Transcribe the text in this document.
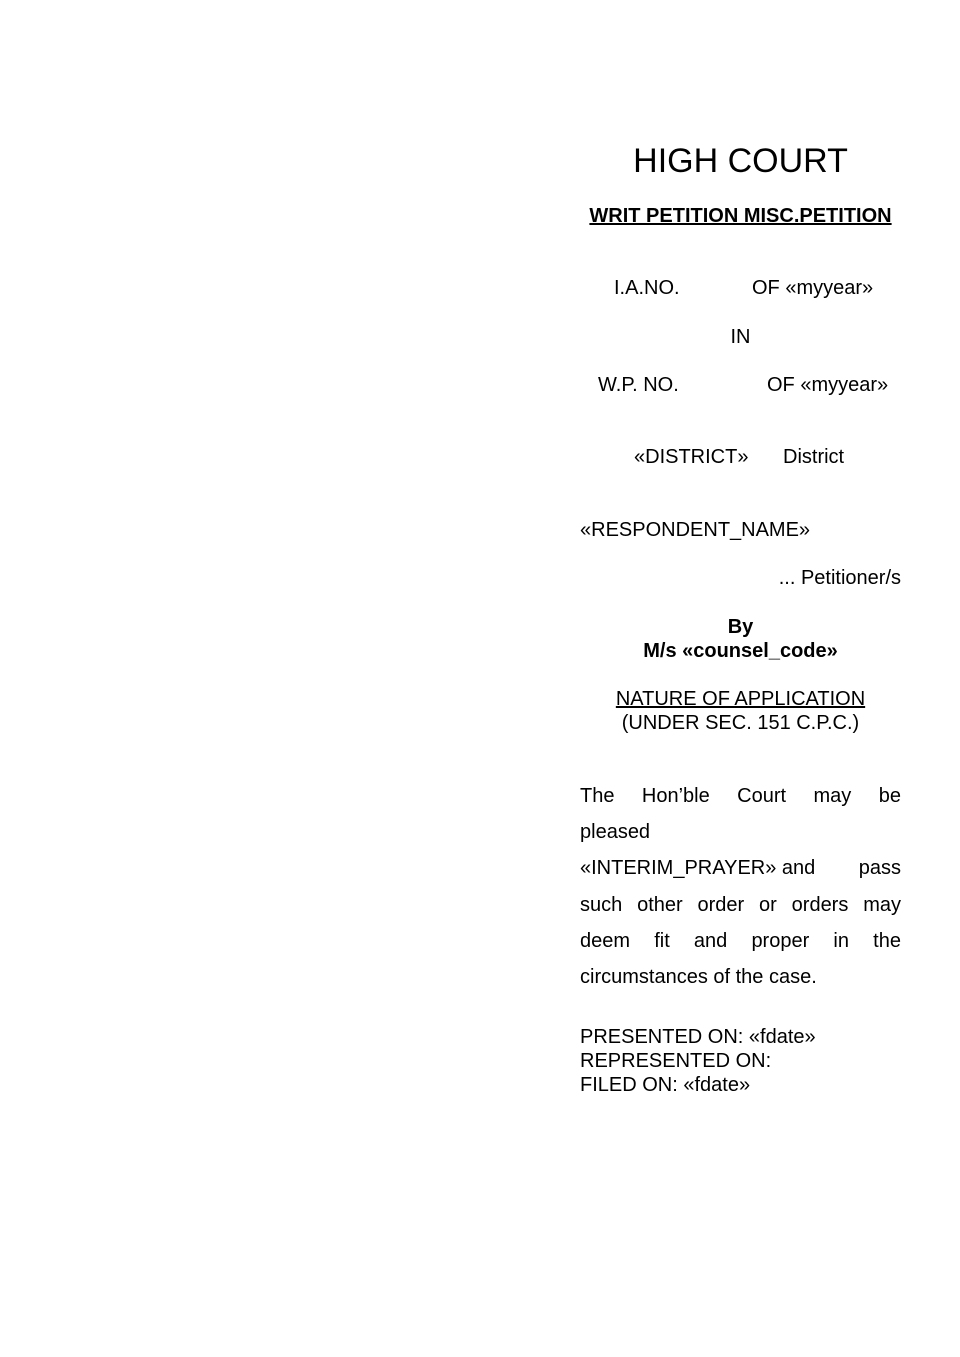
HIGH COURT
WRIT PETITION MISC.PETITION
I.A.NO.	OF «myyear»
IN
W.P. NO.	OF «myyear»
«DISTRICT» District
«RESPONDENT_NAME»
... Petitioner/s
By
M/s «counsel_code»
NATURE OF APPLICATION
(UNDER SEC. 151 C.P.C.)
The Hon’ble Court may be
pleased
«INTERIM_PRAYER» and pass
such other order or orders may
deem fit and proper in the
circumstances of the case.
PRESENTED ON: «fdate»
REPRESENTED ON:
FILED ON: «fdate»
